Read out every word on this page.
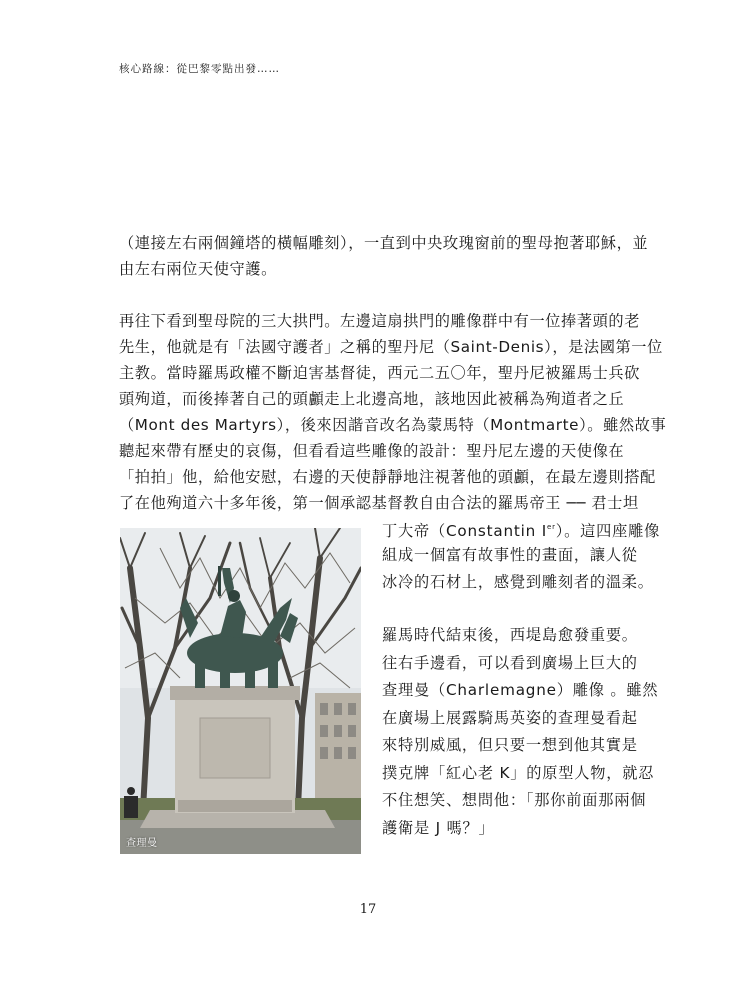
核心路線：從巴黎零點出發……
（連接左右兩個鐘塔的橫幅雕刻），一直到中央玫瑰窗前的聖母抱著耶穌，並
由左右兩位天使守護。
再往下看到聖母院的三大拱門。左邊這扇拱門的雕像群中有一位捧著頭的老
先生，他就是有「法國守護者」之稱的聖丹尼（Saint-Denis），是法國第一位
主教。當時羅馬政權不斷迫害基督徒，西元二五〇年，聖丹尼被羅馬士兵砍
頭殉道，而後捧著自己的頭顱走上北邊高地，該地因此被稱為殉道者之丘
（Mont des Martyrs），後來因諧音改名為蒙馬特（Montmarte）。雖然故事
聽起來帶有歷史的哀傷，但看看這些雕像的設計：聖丹尼左邊的天使像在
「拍拍」他，給他安慰，右邊的天使靜靜地注視著他的頭顱，在最左邊則搭配
了在他殉道六十多年後，第一個承認基督教自由合法的羅馬帝王 ── 君士坦
丁大帝（Constantin Ier）。這四座雕像
組成一個富有故事性的畫面，讓人從
冰冷的石材上，感覺到雕刻者的溫柔。
羅馬時代結束後，西堤島愈發重要。
往右手邊看，可以看到廣場上巨大的
查理曼（Charlemagne）雕像 。雖然
在廣場上展露騎馬英姿的查理曼看起
來特別威風，但只要一想到他其實是
撲克牌「紅心老 K」的原型人物，就忍
不住想笑、想問他：「那你前面那兩個
護衛是 J 嗎？」
查理曼
17
